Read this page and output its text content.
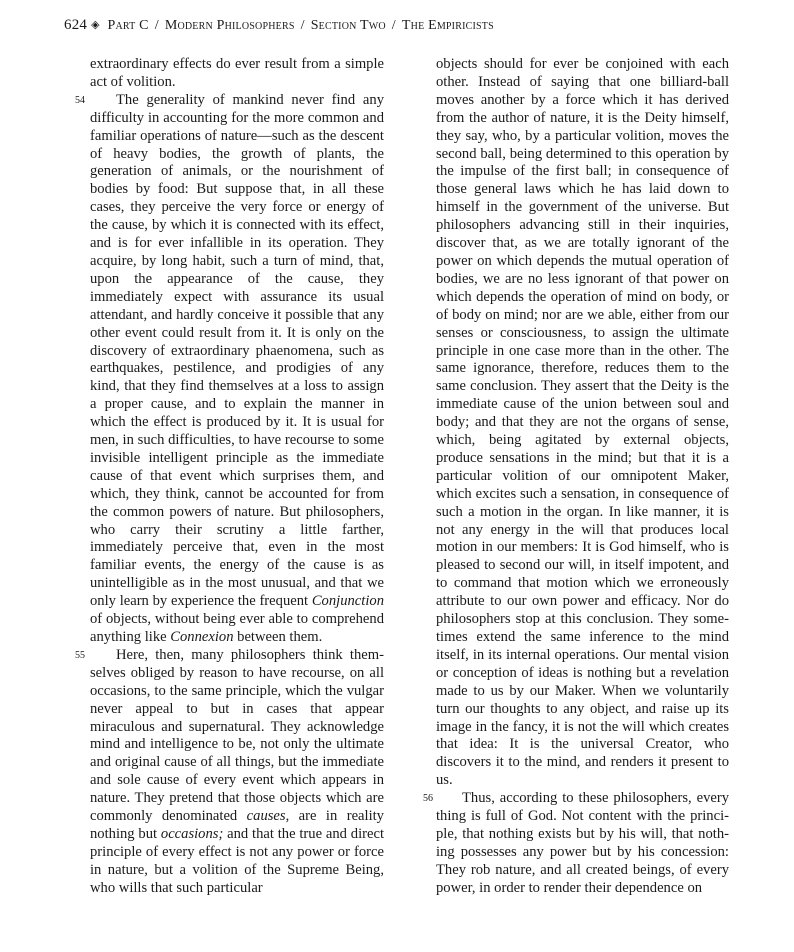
624 ◈ Part C / Modern Philosophers / Section Two / The Empiricists

extraordinary effects do ever result from a simple act of volition.

54 The generality of mankind never find any difficulty in accounting for the more common and familiar operations of nature—such as the descent of heavy bodies, the growth of plants, the generation of animals, or the nourishment of bodies by food: But suppose that, in all these cases, they perceive the very force or energy of the cause, by which it is connected with its effect, and is for ever infallible in its operation. They acquire, by long habit, such a turn of mind, that, upon the appearance of the cause, they immediately expect with assurance its usual attendant, and hardly conceive it possible that any other event could result from it. It is only on the discovery of extraordinary phaenomena, such as earthquakes, pestilence, and prodigies of any kind, that they find themselves at a loss to assign a proper cause, and to explain the manner in which the effect is produced by it. It is usual for men, in such difficulties, to have recourse to some invisible intelligent principle as the immediate cause of that event which surprises them, and which, they think, cannot be accounted for from the common powers of nature. But philosophers, who carry their scrutiny a little farther, immediately perceive that, even in the most familiar events, the energy of the cause is as unintelligible as in the most unusual, and that we only learn by experience the frequent Conjunction of objects, without being ever able to comprehend anything like Connexion between them.

55 Here, then, many philosophers think themselves obliged by reason to have recourse, on all occasions, to the same principle, which the vulgar never appeal to but in cases that appear miraculous and supernatural. They acknowledge mind and intelligence to be, not only the ultimate and original cause of all things, but the immediate and sole cause of every event which appears in nature. They pretend that those objects which are commonly denominated causes, are in reality nothing but occasions; and that the true and direct principle of every effect is not any power or force in nature, but a volition of the Supreme Being, who wills that such particular

objects should for ever be conjoined with each other. Instead of saying that one billiard-ball moves another by a force which it has derived from the author of nature, it is the Deity himself, they say, who, by a particular volition, moves the second ball, being determined to this operation by the impulse of the first ball; in consequence of those general laws which he has laid down to himself in the government of the universe. But philosophers advancing still in their inquiries, discover that, as we are totally ignorant of the power on which depends the mutual operation of bodies, we are no less ignorant of that power on which depends the operation of mind on body, or of body on mind; nor are we able, either from our senses or consciousness, to assign the ultimate principle in one case more than in the other. The same ignorance, therefore, reduces them to the same conclusion. They assert that the Deity is the immediate cause of the union between soul and body; and that they are not the organs of sense, which, being agitated by external objects, produce sensations in the mind; but that it is a particular volition of our omnipotent Maker, which excites such a sensation, in consequence of such a motion in the organ. In like manner, it is not any energy in the will that produces local motion in our members: It is God himself, who is pleased to second our will, in itself impotent, and to command that motion which we erroneously attribute to our own power and efficacy. Nor do philosophers stop at this conclusion. They sometimes extend the same inference to the mind itself, in its internal operations. Our mental vision or conception of ideas is nothing but a revelation made to us by our Maker. When we voluntarily turn our thoughts to any object, and raise up its image in the fancy, it is not the will which creates that idea: It is the universal Creator, who discovers it to the mind, and renders it present to us.

56 Thus, according to these philosophers, every thing is full of God. Not content with the principle, that nothing exists but by his will, that nothing possesses any power but by his concession: They rob nature, and all created beings, of every power, in order to render their dependence on
